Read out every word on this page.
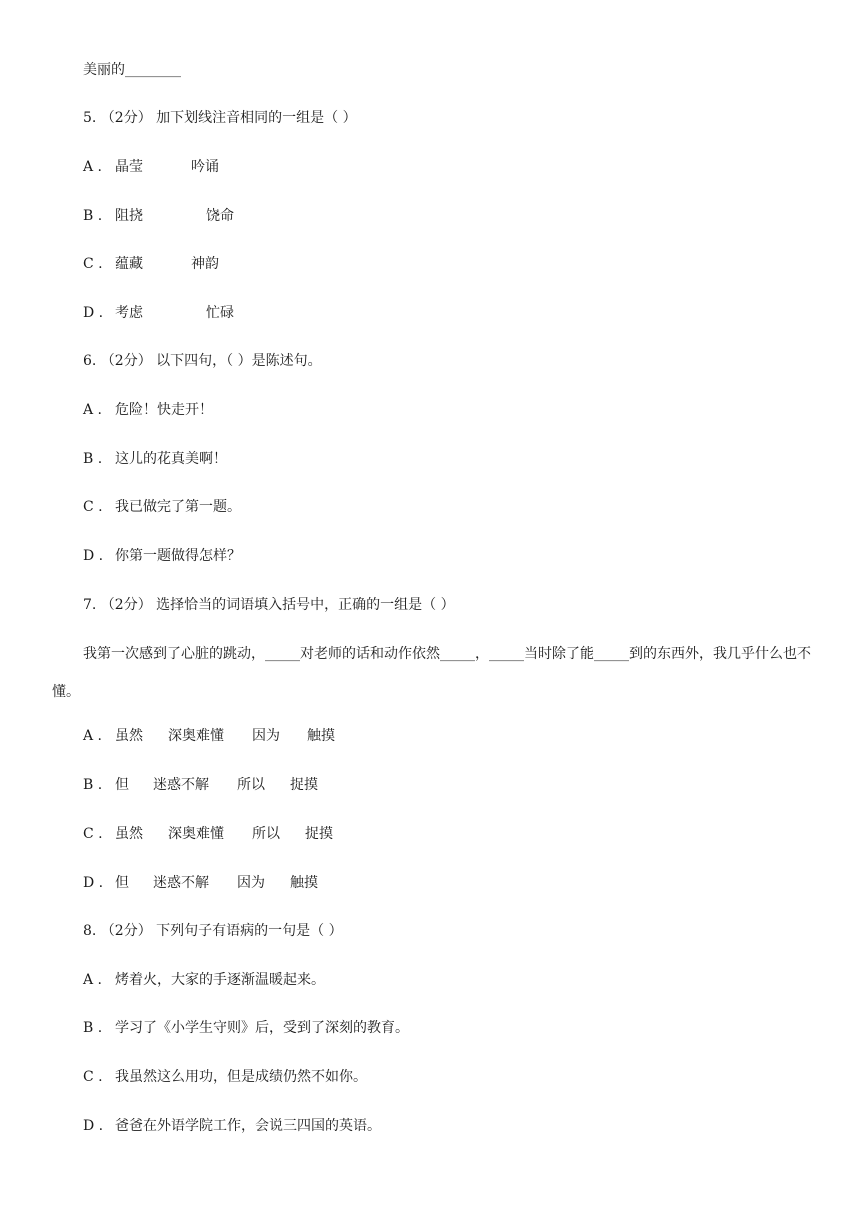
美丽的________
5. （2分） 加下划线注音相同的一组是（ ）
A . 晶莹	吟诵
B . 阻挠	饶命
C . 蕴藏	神韵
D . 考虑	忙碌
6. （2分） 以下四句，（ ）是陈述句。
A . 危险！快走开！
B . 这儿的花真美啊！
C . 我已做完了第一题。
D . 你第一题做得怎样？
7. （2分） 选择恰当的词语填入括号中，正确的一组是（ ）
我第一次感到了心脏的跳动，_____对老师的话和动作依然_____，_____当时除了能_____到的东西外，我几乎什么也不懂。
A . 虽然 深奥难懂 因为 触摸
B . 但 迷惑不解 所以 捉摸
C . 虽然 深奥难懂 所以 捉摸
D . 但 迷惑不解 因为 触摸
8. （2分） 下列句子有语病的一句是（ ）
A . 烤着火，大家的手逐渐温暖起来。
B . 学习了《小学生守则》后，受到了深刻的教育。
C . 我虽然这么用功，但是成绩仍然不如你。
D . 爸爸在外语学院工作，会说三四国的英语。
